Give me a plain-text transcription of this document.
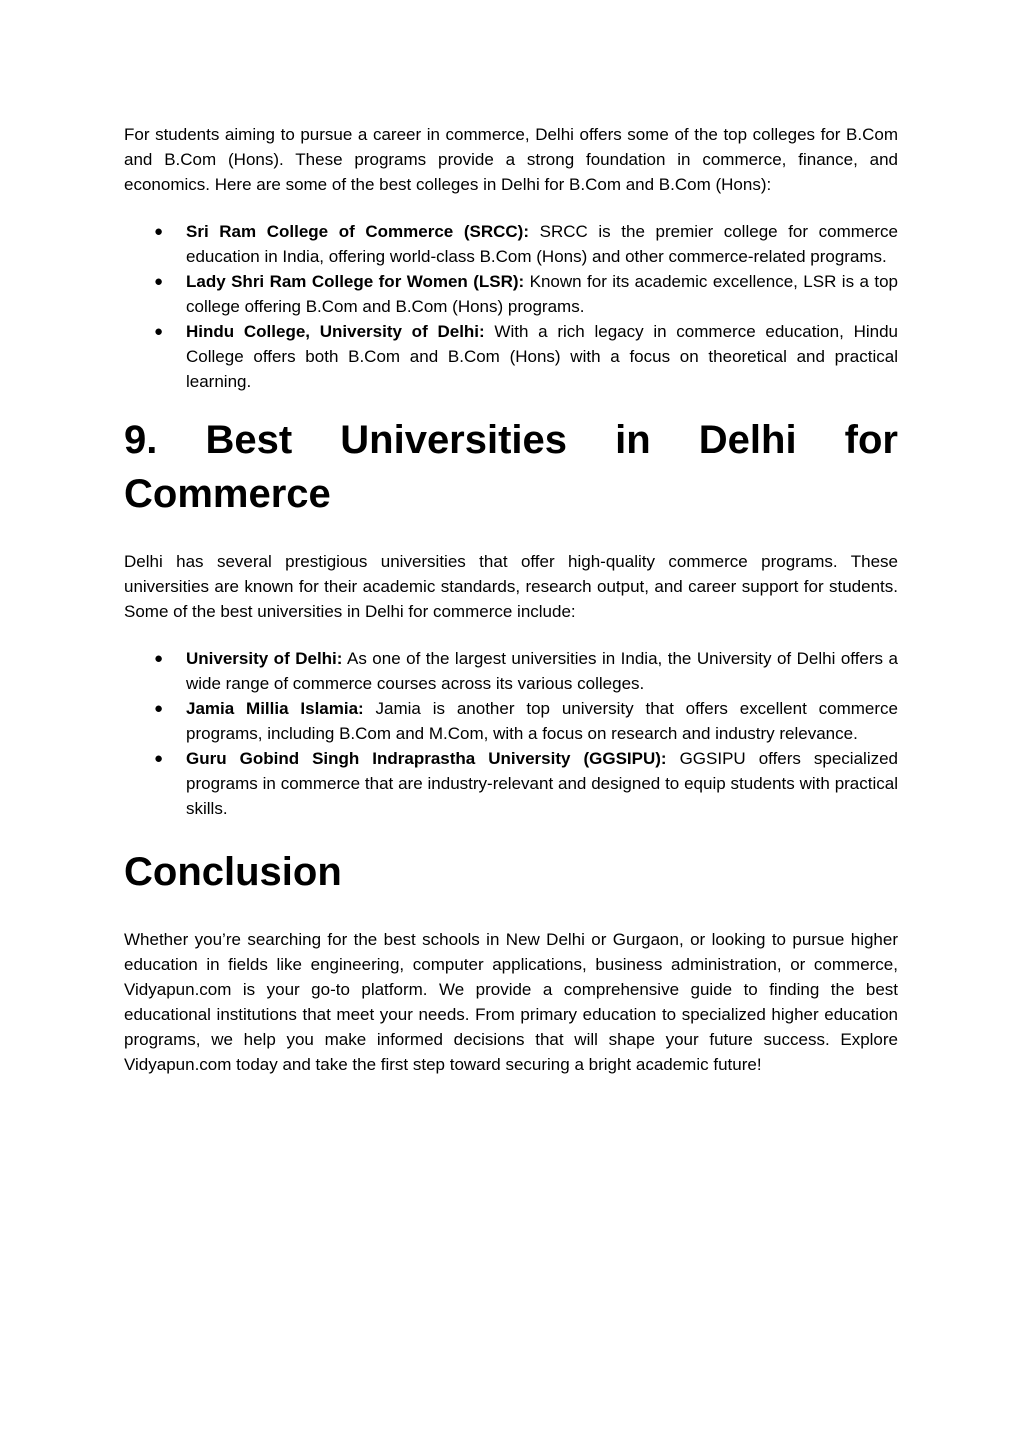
For students aiming to pursue a career in commerce, Delhi offers some of the top colleges for B.Com and B.Com (Hons). These programs provide a strong foundation in commerce, finance, and economics. Here are some of the best colleges in Delhi for B.Com and B.Com (Hons):

● Sri Ram College of Commerce (SRCC): SRCC is the premier college for commerce education in India, offering world-class B.Com (Hons) and other commerce-related programs.
● Lady Shri Ram College for Women (LSR): Known for its academic excellence, LSR is a top college offering B.Com and B.Com (Hons) programs.
● Hindu College, University of Delhi: With a rich legacy in commerce education, Hindu College offers both B.Com and B.Com (Hons) with a focus on theoretical and practical learning.
9. Best Universities in Delhi for Commerce

Delhi has several prestigious universities that offer high-quality commerce programs. These universities are known for their academic standards, research output, and career support for students. Some of the best universities in Delhi for commerce include:

● University of Delhi: As one of the largest universities in India, the University of Delhi offers a wide range of commerce courses across its various colleges.
● Jamia Millia Islamia: Jamia is another top university that offers excellent commerce programs, including B.Com and M.Com, with a focus on research and industry relevance.
● Guru Gobind Singh Indraprastha University (GGSIPU): GGSIPU offers specialized programs in commerce that are industry-relevant and designed to equip students with practical skills.
Conclusion

Whether you’re searching for the best schools in New Delhi or Gurgaon, or looking to pursue higher education in fields like engineering, computer applications, business administration, or commerce, Vidyapun.com is your go-to platform. We provide a comprehensive guide to finding the best educational institutions that meet your needs. From primary education to specialized higher education programs, we help you make informed decisions that will shape your future success. Explore Vidyapun.com today and take the first step toward securing a bright academic future!
